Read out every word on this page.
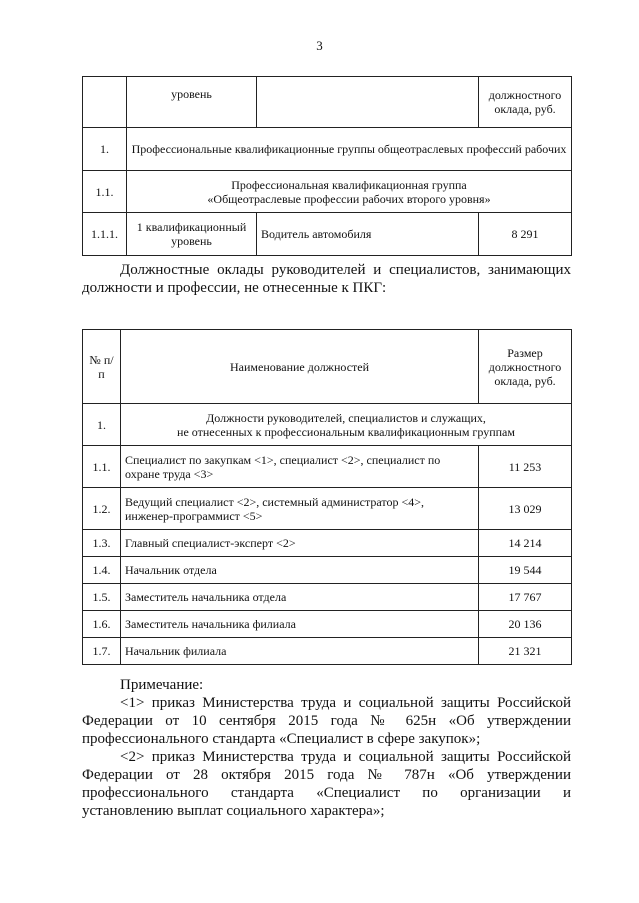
3
	уровень		должностного оклада, руб.
1.	Профессиональные квалификационные группы общеотраслевых профессий рабочих		
1.1.	Профессиональная квалификационная группа
«Общеотраслевые профессии рабочих второго уровня»		

1.1.1.	1 квалификационный уровень	Водитель автомобиля	8 291
Должностные оклады руководителей и специалистов, занимающих должности и профессии, не отнесенные к ПКГ:
№ п/п	Наименование должностей	Размер должностного оклада, руб.
1.	Должности руководителей, специалистов и служащих,
не отнесенных к профессиональным квалификационным группам	

1.1.	Специалист по закупкам <1>, специалист <2>, специалист по охране труда <3>	11 253
1.2.	Ведущий специалист <2>, системный администратор <4>, инженер-программист <5>	13 029
1.3.	Главный специалист-эксперт <2>	14 214
1.4.	Начальник отдела	19 544
1.5.	Заместитель начальника отдела	17 767
1.6.	Заместитель начальника филиала	20 136
1.7.	Начальник филиала	21 321

Примечание:

<1> приказ Министерства труда и социальной защиты Российской Федерации от 10 сентября 2015 года № 625н «Об утверждении профессионального стандарта «Специалист в сфере закупок»;

<2> приказ Министерства труда и социальной защиты Российской Федерации от 28 октября 2015 года № 787н «Об утверждении профессионального стандарта «Специалист по организации и установлению выплат социального характера»;
